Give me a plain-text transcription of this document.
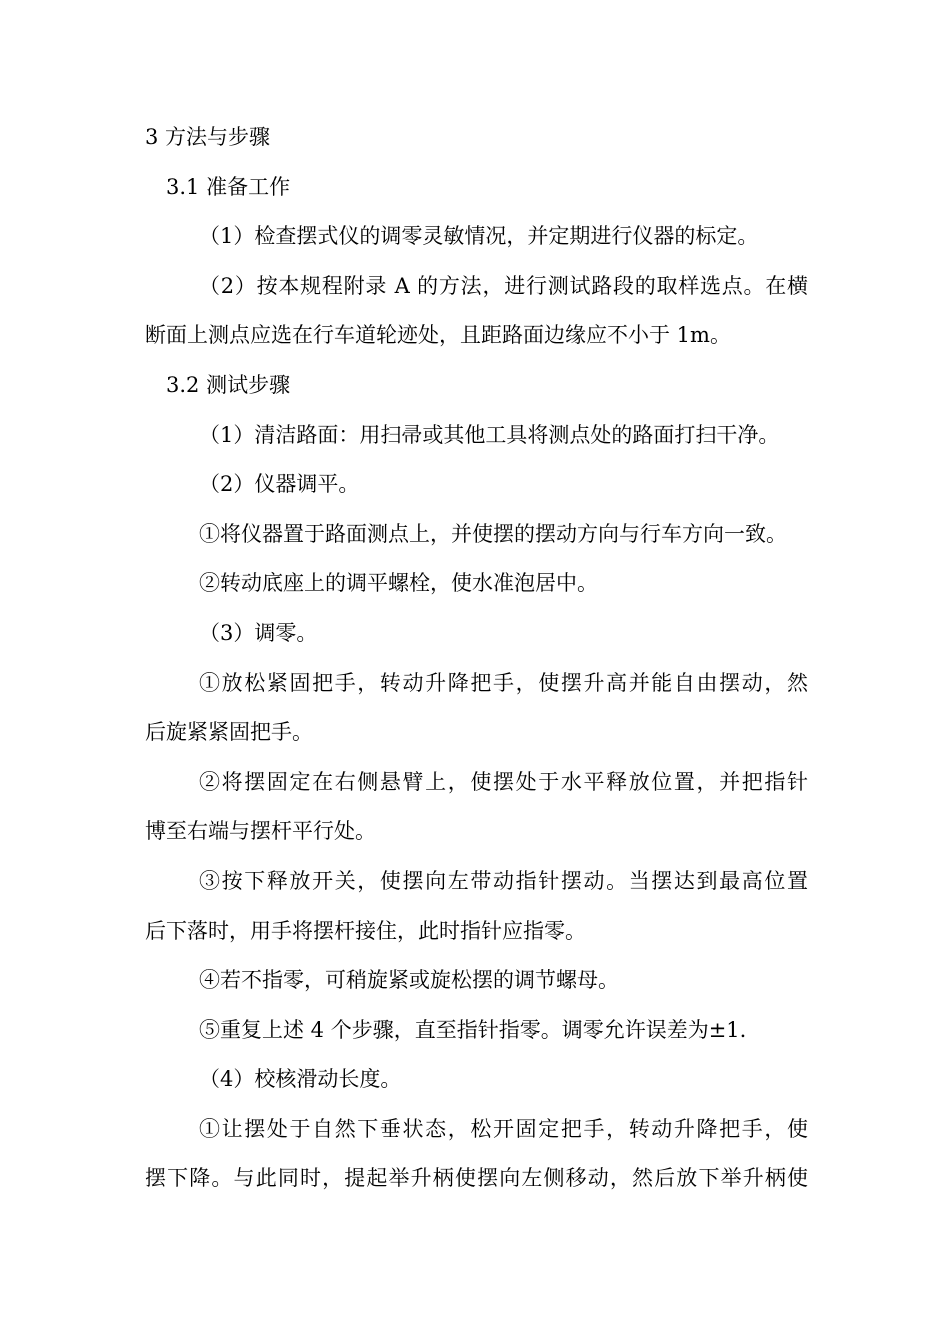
3 方法与步骤
3.1 准备工作
（1）检查摆式仪的调零灵敏情况，并定期进行仪器的标定。
（2）按本规程附录 A 的方法，进行测试路段的取样选点。在横
断面上测点应选在行车道轮迹处，且距路面边缘应不小于 1m。
3.2 测试步骤
（1）清洁路面：用扫帚或其他工具将测点处的路面打扫干净。
（2）仪器调平。
①将仪器置于路面测点上，并使摆的摆动方向与行车方向一致。
②转动底座上的调平螺栓，使水准泡居中。
（3）调零。
①放松紧固把手，转动升降把手，使摆升高并能自由摆动，然
后旋紧紧固把手。
②将摆固定在右侧悬臂上，使摆处于水平释放位置，并把指针
博至右端与摆杆平行处。
③按下释放开关，使摆向左带动指针摆动。当摆达到最高位置
后下落时，用手将摆杆接住，此时指针应指零。
④若不指零，可稍旋紧或旋松摆的调节螺母。
⑤重复上述 4 个步骤，直至指针指零。调零允许误差为±1.
（4）校核滑动长度。
①让摆处于自然下垂状态，松开固定把手，转动升降把手，使
摆下降。与此同时，提起举升柄使摆向左侧移动，然后放下举升柄使
